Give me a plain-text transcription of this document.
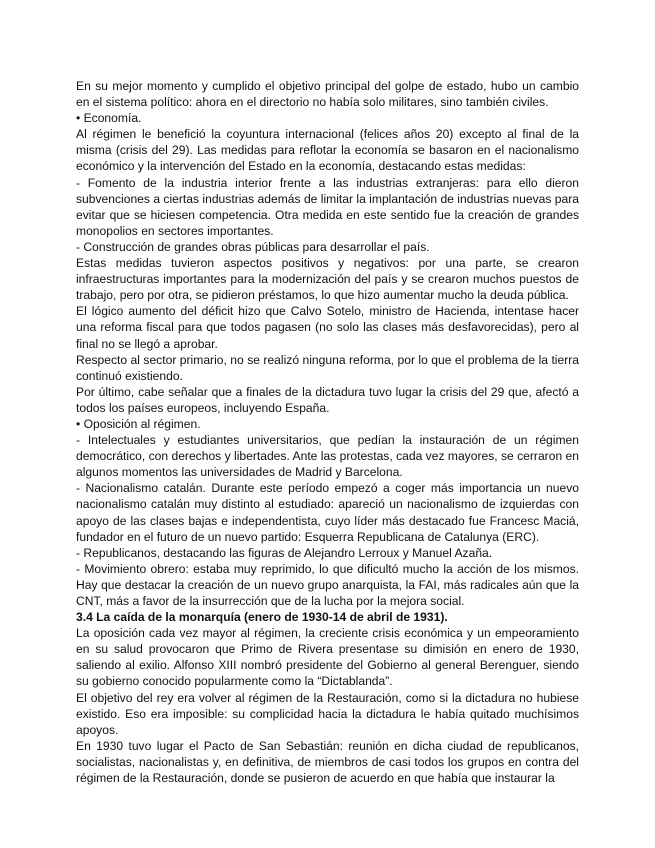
En su mejor momento y cumplido el objetivo principal del golpe de estado, hubo un cambio en el sistema político: ahora en el directorio no había solo militares, sino también civiles.

• Economía.

Al régimen le benefició la coyuntura internacional (felices años 20) excepto al final de la misma (crisis del 29). Las medidas para reflotar la economía se basaron en el nacionalismo económico y la intervención del Estado en la economía, destacando estas medidas:

- Fomento de la industria interior frente a las industrias extranjeras: para ello dieron subvenciones a ciertas industrias además de limitar la implantación de industrias nuevas para evitar que se hiciesen competencia. Otra medida en este sentido fue la creación de grandes monopolios en sectores importantes.

- Construcción de grandes obras públicas para desarrollar el país.

Estas medidas tuvieron aspectos positivos y negativos: por una parte, se crearon infraestructuras importantes para la modernización del país y se crearon muchos puestos de trabajo, pero por otra, se pidieron préstamos, lo que hizo aumentar mucho la deuda pública.

El lógico aumento del déficit hizo que Calvo Sotelo, ministro de Hacienda, intentase hacer una reforma fiscal para que todos pagasen (no solo las clases más desfavorecidas), pero al final no se llegó a aprobar.

Respecto al sector primario, no se realizó ninguna reforma, por lo que el problema de la tierra continuó existiendo.

Por último, cabe señalar que a finales de la dictadura tuvo lugar la crisis del 29 que, afectó a todos los países europeos, incluyendo España.

• Oposición al régimen.

- Intelectuales y estudiantes universitarios, que pedían la instauración de un régimen democrático, con derechos y libertades. Ante las protestas, cada vez mayores, se cerraron en algunos momentos las universidades de Madrid y Barcelona.

- Nacionalismo catalán. Durante este período empezó a coger más importancia un nuevo nacionalismo catalán muy distinto al estudiado: apareció un nacionalismo de izquierdas con apoyo de las clases bajas e independentista, cuyo líder más destacado fue Francesc Maciá, fundador en el futuro de un nuevo partido: Esquerra Republicana de Catalunya (ERC).

- Republicanos, destacando las figuras de Alejandro Lerroux y Manuel Azaña.

- Movimiento obrero: estaba muy reprimido, lo que dificultó mucho la acción de los mismos. Hay que destacar la creación de un nuevo grupo anarquista, la FAI, más radicales aún que la CNT, más a favor de la insurrección que de la lucha por la mejora social.

3.4 La caída de la monarquía (enero de 1930-14 de abril de 1931).

La oposición cada vez mayor al régimen, la creciente crisis económica y un empeoramiento en su salud provocaron que Primo de Rivera presentase su dimisión en enero de 1930, saliendo al exilio. Alfonso XIII nombró presidente del Gobierno al general Berenguer, siendo su gobierno conocido popularmente como la “Dictablanda”.

El objetivo del rey era volver al régimen de la Restauración, como si la dictadura no hubiese existido. Eso era imposible: su complicidad hacia la dictadura le había quitado muchísimos apoyos.

En 1930 tuvo lugar el Pacto de San Sebastián: reunión en dicha ciudad de republicanos, socialistas, nacionalistas y, en definitiva, de miembros de casi todos los grupos en contra del régimen de la Restauración, donde se pusieron de acuerdo en que había que instaurar la
